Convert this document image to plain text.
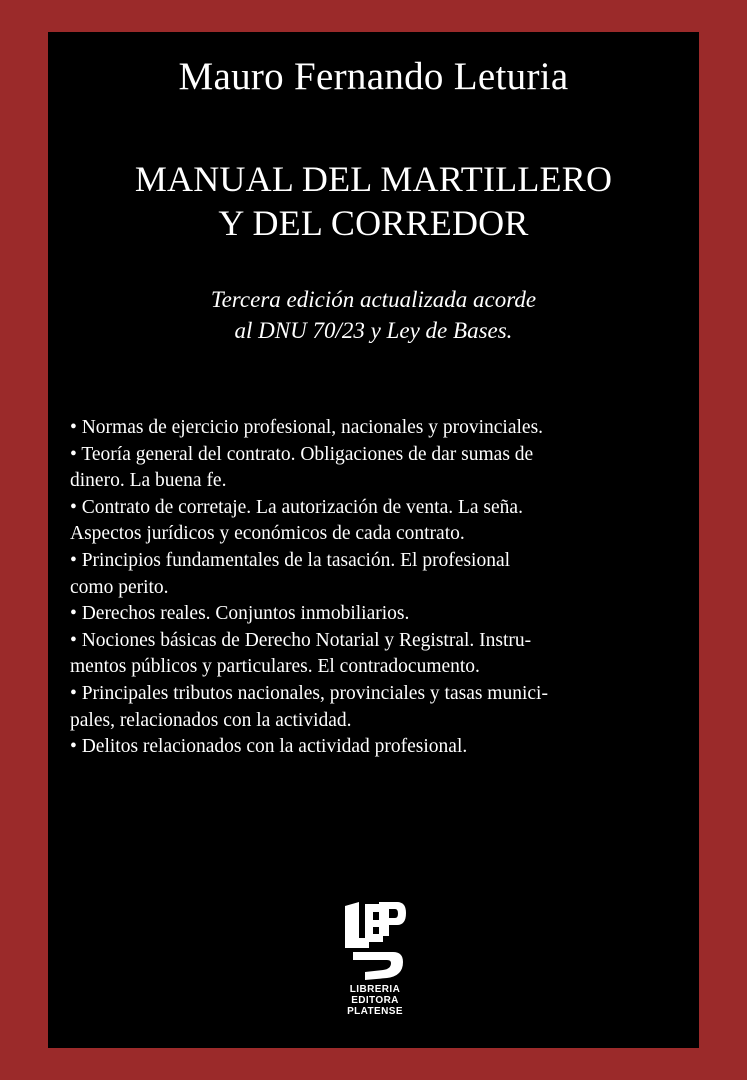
Mauro Fernando Leturia
MANUAL DEL MARTILLERO
Y DEL CORREDOR
Tercera edición actualizada acorde
al DNU 70/23 y Ley de Bases.
• Normas de ejercicio profesional, nacionales y provinciales.
• Teoría general del contrato. Obligaciones de dar sumas de
dinero. La buena fe.
• Contrato de corretaje. La autorización de venta. La seña.
Aspectos jurídicos y económicos de cada contrato.
• Principios fundamentales de la tasación. El profesional
como perito.
• Derechos reales. Conjuntos inmobiliarios.
• Nociones básicas de Derecho Notarial y Registral. Instru-
mentos públicos y particulares. El contradocumento.
• Principales tributos nacionales, provinciales y tasas munici-
pales, relacionados con la actividad.
• Delitos relacionados con la actividad profesional.
LIBRERIA
EDITORA
PLATENSE
